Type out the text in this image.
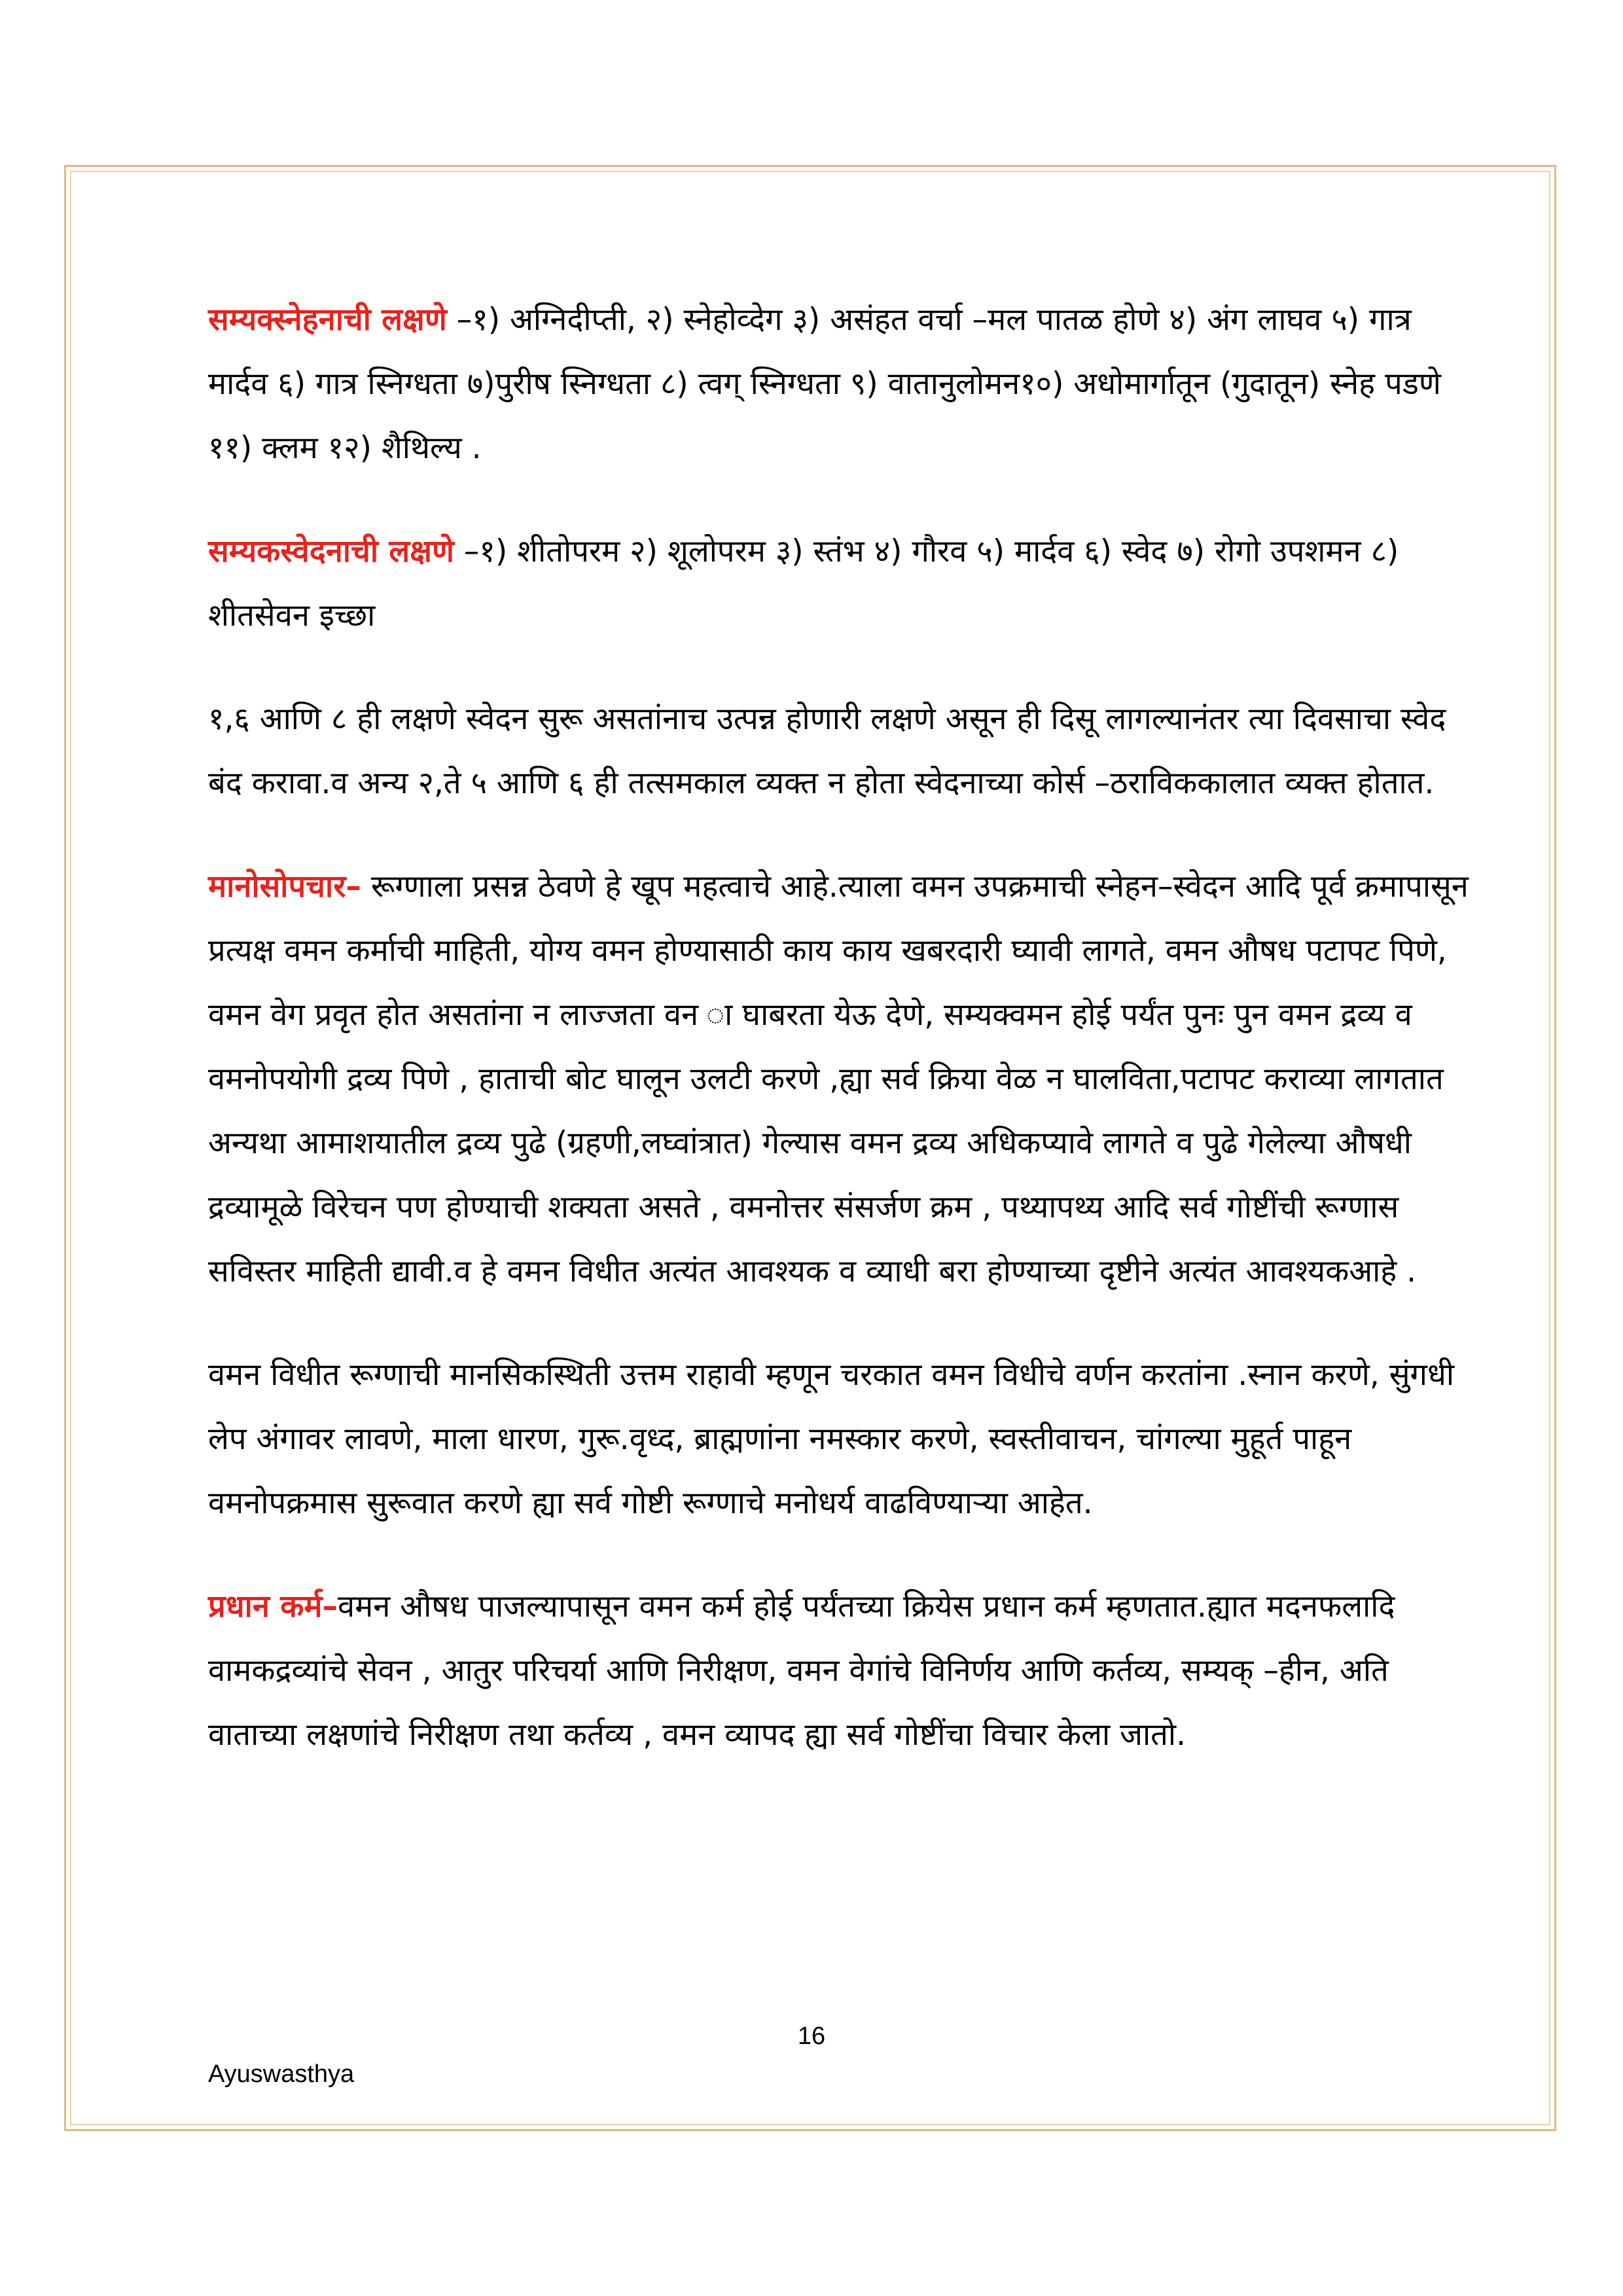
सम्यक्स्नेहनाची लक्षणे –१) अग्निदीप्ती, २) स्नेहोव्देग ३) असंहत वर्चा –मल पातळ होणे ४) अंग लाघव ५) गात्र मार्दव ६) गात्र स्निग्धता ७)पुरीष स्निग्धता ८) त्वग् स्निग्धता ९) वातानुलोमन१०) अधोमार्गातून (गुदातून) स्नेह पडणे ११) क्लम १२) शैथिल्य .

सम्यकस्वेदनाची लक्षणे –१) शीतोपरम २) शूलोपरम ३) स्तंभ ४) गौरव ५) मार्दव ६) स्वेद ७) रोगो उपशमन ८) शीतसेवन इच्छा

१,६ आणि ८ ही लक्षणे स्वेदन सुरू असतांनाच उत्पन्न होणारी लक्षणे असून ही दिसू लागल्यानंतर त्या दिवसाचा स्वेद बंद करावा.व अन्य २,ते ५ आणि ६ ही तत्समकाल व्यक्त न होता स्वेदनाच्या कोर्स –ठराविककालात व्यक्त होतात.

मानोसोपचार– रूग्णाला प्रसन्न ठेवणे हे खूप महत्वाचे आहे.त्याला वमन उपक्रमाची स्नेहन–स्वेदन आदि पूर्व क्रमापासून प्रत्यक्ष वमन कर्माची माहिती, योग्य वमन होण्यासाठी काय काय खबरदारी घ्यावी लागते, वमन औषध पटापट पिणे, वमन वेग प्रवृत होत असतांना न लाज्जता वन ा घाबरता येऊ देणे, सम्यक्वमन होई पर्यंत पुनः पुन वमन द्रव्य व वमनोपयोगी द्रव्य पिणे , हाताची बोट घालून उलटी करणे ,ह्या सर्व क्रिया वेळ न घालविता,पटापट कराव्या लागतात अन्यथा आमाशयातील द्रव्य पुढे (ग्रहणी,लघ्वांत्रात) गेल्यास वमन द्रव्य अधिकप्यावे लागते व पुढे गेलेल्या औषधी द्रव्यामूळे विरेचन पण होण्याची शक्यता असते , वमनोत्तर संसर्जण क्रम , पथ्यापथ्य आदि सर्व गोष्टींची रूग्णास सविस्तर माहिती द्यावी.व हे वमन विधीत अत्यंत आवश्यक व व्याधी बरा होण्याच्या दृष्टीने अत्यंत आवश्यकआहे .

वमन विधीत रूग्णाची मानसिकस्थिती उत्तम राहावी म्हणून चरकात वमन विधीचे वर्णन करतांना .स्नान करणे, सुंगधी लेप अंगावर लावणे, माला धारण, गुरू.वृध्द, ब्राह्मणांना नमस्कार करणे, स्वस्तीवाचन, चांगल्या मुहूर्त पाहून वमनोपक्रमास सुरूवात करणे ह्या सर्व गोष्टी रूग्णाचे मनोधर्य वाढविण्याऱ्या आहेत.

प्रधान कर्म–वमन औषध पाजल्यापासून वमन कर्म होई पर्यंतच्या क्रियेस प्रधान कर्म म्हणतात.ह्यात मदनफलादि वामकद्रव्यांचे सेवन , आतुर परिचर्या आणि निरीक्षण, वमन वेगांचे विनिर्णय आणि कर्तव्य, सम्यक् –हीन, अति वाताच्या लक्षणांचे निरीक्षण तथा कर्तव्य , वमन व्यापद ह्या सर्व गोष्टींचा विचार केला जातो.

16
Ayuswasthya
